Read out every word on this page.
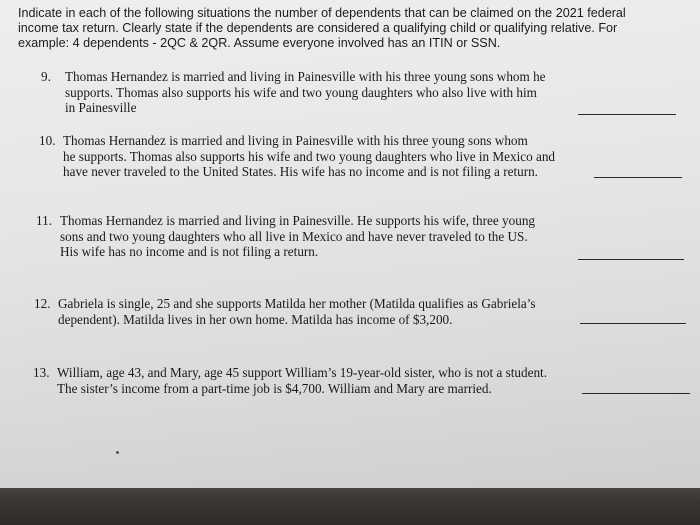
Indicate in each of the following situations the number of dependents that can be claimed on the 2021 federal
income tax return. Clearly state if the dependents are considered a qualifying child or qualifying relative. For
example: 4 dependents - 2QC & 2QR. Assume everyone involved has an ITIN or SSN.
9. Thomas Hernandez is married and living in Painesville with his three young sons whom he
supports. Thomas also supports his wife and two young daughters who also live with him
in Painesville
10. Thomas Hernandez is married and living in Painesville with his three young sons whom
he supports. Thomas also supports his wife and two young daughters who live in Mexico and
have never traveled to the United States. His wife has no income and is not filing a return.
11. Thomas Hernandez is married and living in Painesville. He supports his wife, three young
sons and two young daughters who all live in Mexico and have never traveled to the US.
His wife has no income and is not filing a return.
12. Gabriela is single, 25 and she supports Matilda her mother (Matilda qualifies as Gabriela’s
dependent). Matilda lives in her own home. Matilda has income of $3,200.
13. William, age 43, and Mary, age 45 support William’s 19-year-old sister, who is not a student.
The sister’s income from a part-time job is $4,700. William and Mary are married.
